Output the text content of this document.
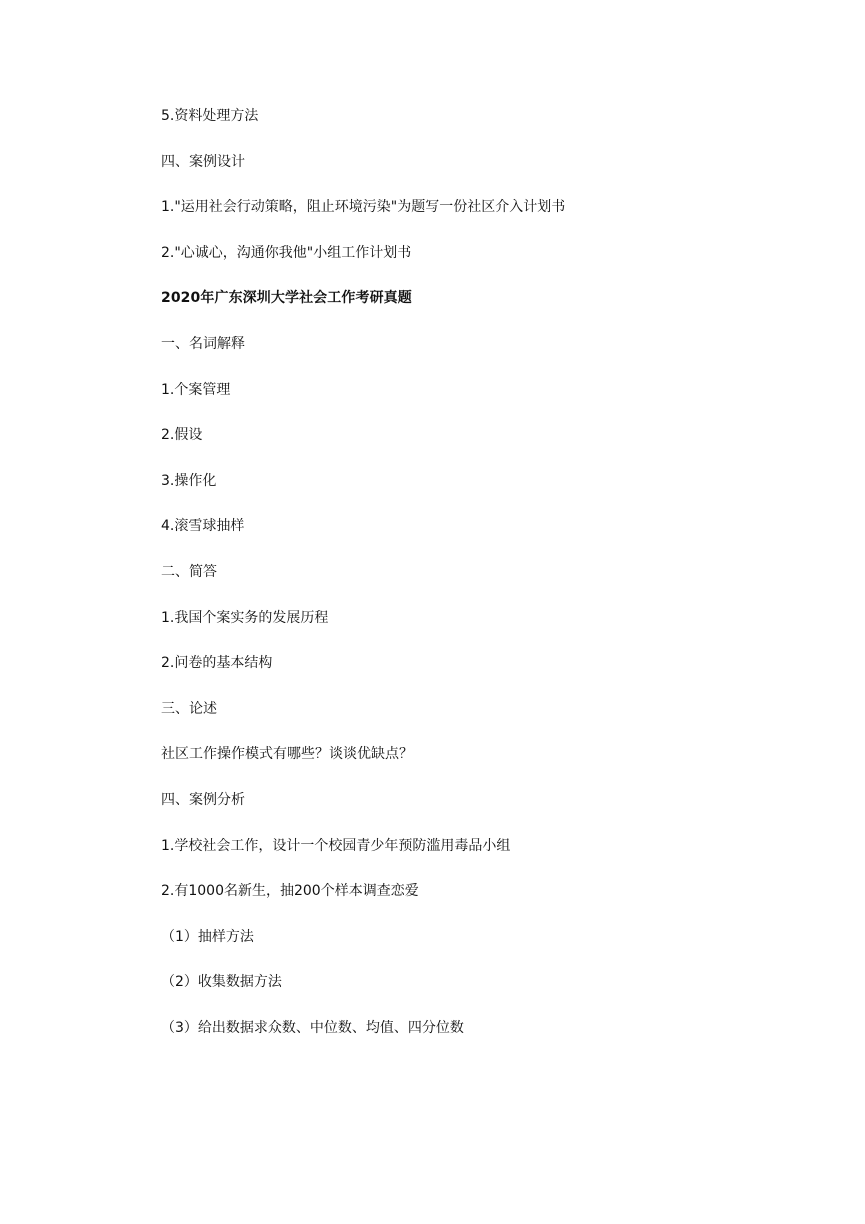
5.资料处理方法

四、案例设计

1."运用社会行动策略，阻止环境污染"为题写一份社区介入计划书

2."心诚心，沟通你我他"小组工作计划书

2020年广东深圳大学社会工作考研真题

一、名词解释

1.个案管理

2.假设

3.操作化

4.滚雪球抽样

二、简答

1.我国个案实务的发展历程

2.问卷的基本结构

三、论述

社区工作操作模式有哪些？谈谈优缺点？

四、案例分析

1.学校社会工作，设计一个校园青少年预防滥用毒品小组

2.有1000名新生，抽200个样本调查恋爱

（1）抽样方法

（2）收集数据方法

（3）给出数据求众数、中位数、均值、四分位数
